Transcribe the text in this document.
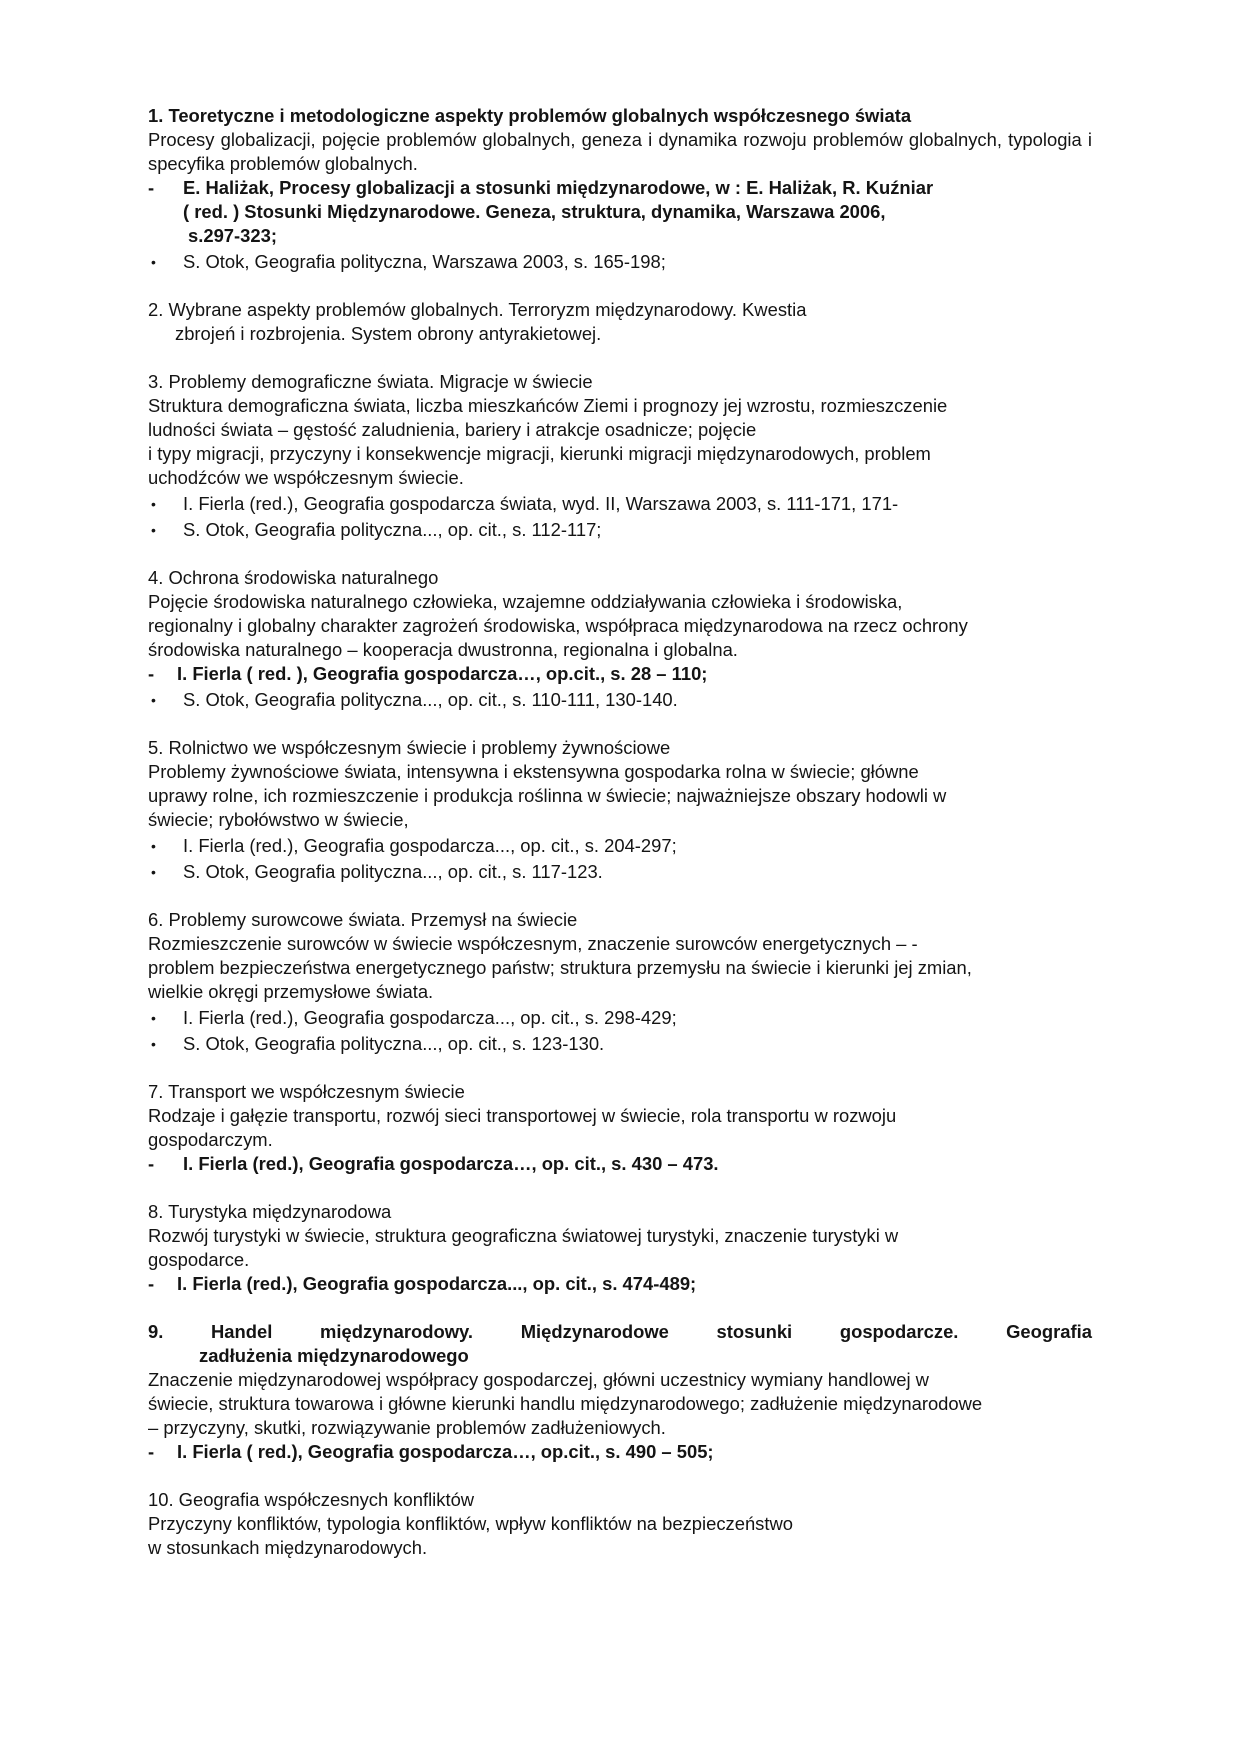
1. Teoretyczne i metodologiczne aspekty problemów globalnych współczesnego świata
Procesy globalizacji, pojęcie problemów globalnych, geneza i dynamika rozwoju problemów globalnych, typologia i specyfika problemów globalnych.
- E. Haliżak, Procesy globalizacji a stosunki międzynarodowe, w : E. Haliżak, R. Kuźniar
( red. ) Stosunki Międzynarodowe. Geneza, struktura, dynamika, Warszawa 2006,
s.297-323;
• S. Otok, Geografia polityczna, Warszawa 2003, s. 165-198;
2. Wybrane aspekty problemów globalnych. Terroryzm międzynarodowy. Kwestia
zbrojeń i rozbrojenia. System obrony antyrakietowej.
3. Problemy demograficzne świata. Migracje w świecie
Struktura demograficzna świata, liczba mieszkańców Ziemi i prognozy jej wzrostu, rozmieszczenie
ludności świata – gęstość zaludnienia, bariery i atrakcje osadnicze; pojęcie
i typy migracji, przyczyny i konsekwencje migracji, kierunki migracji międzynarodowych, problem
uchodźców we współczesnym świecie.
• I. Fierla (red.), Geografia gospodarcza świata, wyd. II, Warszawa 2003, s. 111-171, 171-
• S. Otok, Geografia polityczna..., op. cit., s. 112-117;
4. Ochrona środowiska naturalnego
Pojęcie środowiska naturalnego człowieka, wzajemne oddziaływania człowieka i środowiska,
regionalny i globalny charakter zagrożeń środowiska, współpraca międzynarodowa na rzecz ochrony
środowiska naturalnego – kooperacja dwustronna, regionalna i globalna.
- I. Fierla ( red. ), Geografia gospodarcza…, op.cit., s. 28 – 110;
• S. Otok, Geografia polityczna..., op. cit., s. 110-111, 130-140.
5. Rolnictwo we współczesnym świecie i problemy żywnościowe
Problemy żywnościowe świata, intensywna i ekstensywna gospodarka rolna w świecie; główne
uprawy rolne, ich rozmieszczenie i produkcja roślinna w świecie; najważniejsze obszary hodowli w
świecie; rybołówstwo w świecie,
• I. Fierla (red.), Geografia gospodarcza..., op. cit., s. 204-297;
• S. Otok, Geografia polityczna..., op. cit., s. 117-123.
6. Problemy surowcowe świata. Przemysł na świecie
Rozmieszczenie surowców w świecie współczesnym, znaczenie surowców energetycznych – -
problem bezpieczeństwa energetycznego państw; struktura przemysłu na świecie i kierunki jej zmian,
wielkie okręgi przemysłowe świata.
• I. Fierla (red.), Geografia gospodarcza..., op. cit., s. 298-429;
• S. Otok, Geografia polityczna..., op. cit., s. 123-130.
7. Transport we współczesnym świecie
Rodzaje i gałęzie transportu, rozwój sieci transportowej w świecie, rola transportu w rozwoju
gospodarczym.
- I. Fierla (red.), Geografia gospodarcza…, op. cit., s. 430 – 473.
8. Turystyka międzynarodowa
Rozwój turystyki w świecie, struktura geograficzna światowej turystyki, znaczenie turystyki w
gospodarce.
- I. Fierla (red.), Geografia gospodarcza..., op. cit., s. 474-489;
9.	Handel	międzynarodowy.	Międzynarodowe	stosunki	gospodarcze.	Geografia
zadłużenia międzynarodowego
Znaczenie międzynarodowej współpracy gospodarczej, główni uczestnicy wymiany handlowej w
świecie, struktura towarowa i główne kierunki handlu międzynarodowego; zadłużenie międzynarodowe
– przyczyny, skutki, rozwiązywanie problemów zadłużeniowych.
- I. Fierla ( red.), Geografia gospodarcza…, op.cit., s. 490 – 505;
10. Geografia współczesnych konfliktów
Przyczyny konfliktów, typologia konfliktów, wpływ konfliktów na bezpieczeństwo
w stosunkach międzynarodowych.
